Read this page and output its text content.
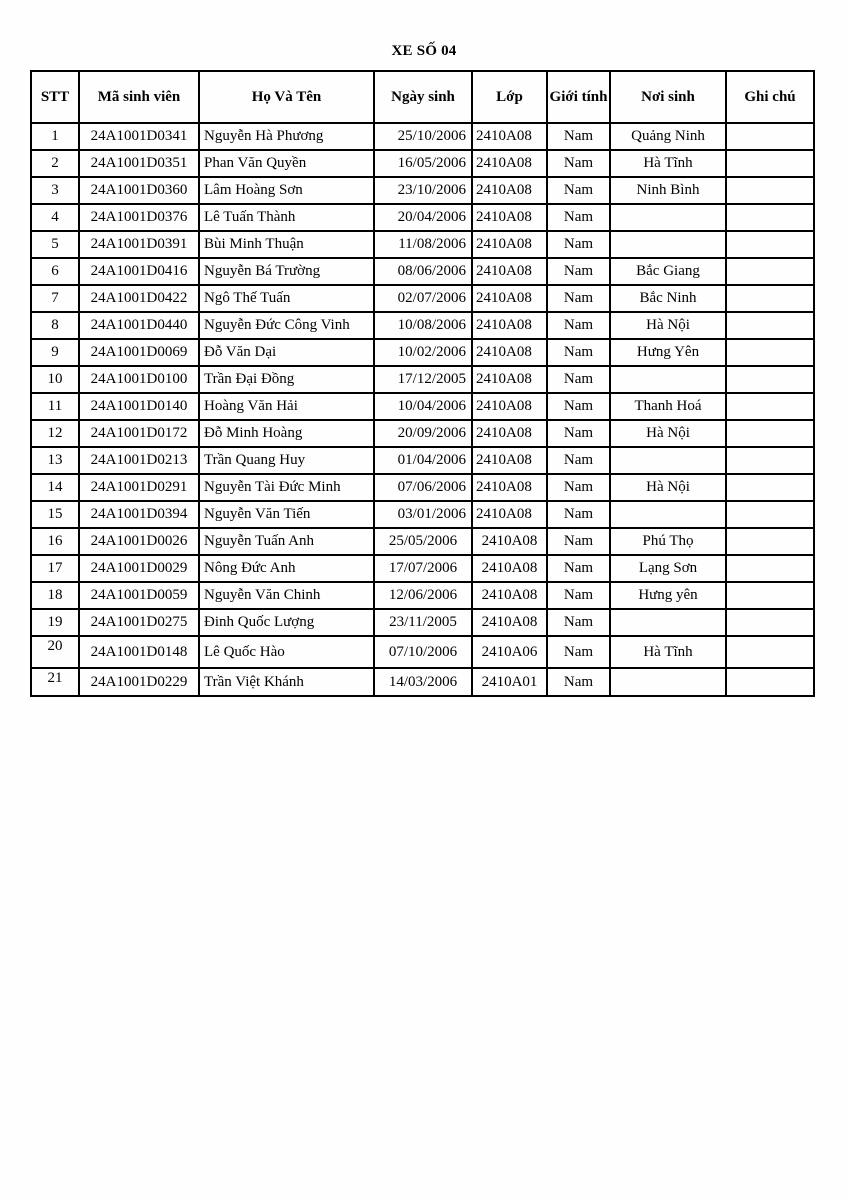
XE SỐ 04
STT	Mã sinh viên	Họ Và Tên	Ngày sinh	Lớp	Giới tính	Nơi sinh	Ghi chú
1	24A1001D0341	Nguyễn Hà Phương	25/10/2006	2410A08	Nam	Quảng Ninh	
2	24A1001D0351	Phan Văn Quyền	16/05/2006	2410A08	Nam	Hà Tĩnh	
3	24A1001D0360	Lâm Hoàng Sơn	23/10/2006	2410A08	Nam	Ninh Bình	
4	24A1001D0376	Lê Tuấn Thành	20/04/2006	2410A08	Nam		
5	24A1001D0391	Bùi Minh Thuận	11/08/2006	2410A08	Nam		
6	24A1001D0416	Nguyễn Bá Trường	08/06/2006	2410A08	Nam	Bắc Giang	
7	24A1001D0422	Ngô Thế Tuấn	02/07/2006	2410A08	Nam	Bắc Ninh	
8	24A1001D0440	Nguyễn Đức Công Vinh	10/08/2006	2410A08	Nam	Hà Nội	
9	24A1001D0069	Đỗ Văn Dại	10/02/2006	2410A08	Nam	Hưng Yên	
10	24A1001D0100	Trần Đại Đồng	17/12/2005	2410A08	Nam		
11	24A1001D0140	Hoàng Văn Hải	10/04/2006	2410A08	Nam	Thanh Hoá	
12	24A1001D0172	Đỗ Minh Hoàng	20/09/2006	2410A08	Nam	Hà Nội	
13	24A1001D0213	Trần Quang Huy	01/04/2006	2410A08	Nam		
14	24A1001D0291	Nguyễn Tài Đức Minh	07/06/2006	2410A08	Nam	Hà Nội	
15	24A1001D0394	Nguyễn Văn Tiến	03/01/2006	2410A08	Nam		
16	24A1001D0026	Nguyễn Tuấn Anh	25/05/2006	2410A08	Nam	Phú Thọ	
17	24A1001D0029	Nông Đức Anh	17/07/2006	2410A08	Nam	Lạng Sơn	
18	24A1001D0059	Nguyễn Văn Chinh	12/06/2006	2410A08	Nam	Hưng yên	
19	24A1001D0275	Đinh Quốc Lượng	23/11/2005	2410A08	Nam		
20	24A1001D0148	Lê Quốc Hào	07/10/2006	2410A06	Nam	Hà Tĩnh	
21	24A1001D0229	Trần Việt Khánh	14/03/2006	2410A01	Nam		
